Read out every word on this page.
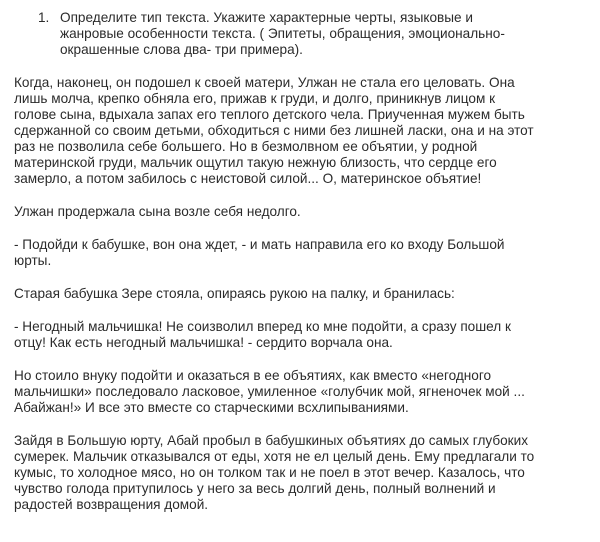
1. Определите тип текста. Укажите характерные черты, языковые и
жанровые особенности текста. ( Эпитеты, обращения, эмоционально-
окрашенные слова два- три примера).
Когда, наконец, он подошел к своей матери, Улжан не стала его целовать. Она
лишь молча, крепко обняла его, прижав к груди, и долго, приникнув лицом к
голове сына, вдыхала запах его теплого детского чела. Приученная мужем быть
сдержанной со своим детьми, обходиться с ними без лишней ласки, она и на этот
раз не позволила себе большего. Но в безмолвном ее объятии, у родной
материнской груди, мальчик ощутил такую нежную близость, что сердце его
замерло, а потом забилось с неистовой силой... О, материнское объятие!
Улжан продержала сына возле себя недолго.
- Подойди к бабушке, вон она ждет, - и мать направила его ко входу Большой
юрты.
Старая бабушка Зере стояла, опираясь рукою на палку, и бранилась:
- Негодный мальчишка! Не соизволил вперед ко мне подойти, а сразу пошел к
отцу! Как есть негодный мальчишка! - сердито ворчала она.
Но стоило внуку подойти и оказаться в ее объятиях, как вместо «негодного
мальчишки» последовало ласковое, умиленное «голубчик мой, ягненочек мой ...
Абайжан!» И все это вместе со старческими всхлипываниями.
Зайдя в Большую юрту, Абай пробыл в бабушкиных объятиях до самых глубоких
сумерек. Мальчик отказывался от еды, хотя не ел целый день. Ему предлагали то
кумыс, то холодное мясо, но он толком так и не поел в этот вечер. Казалось, что
чувство голода притупилось у него за весь долгий день, полный волнений и
радостей возвращения домой.
